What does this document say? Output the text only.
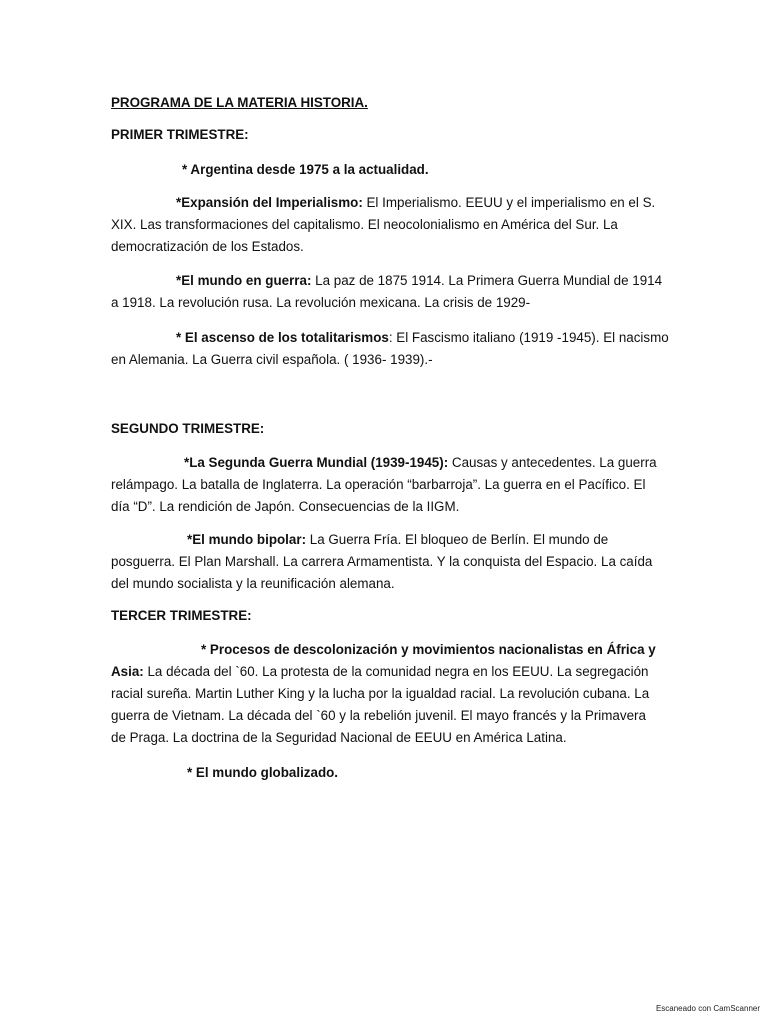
PROGRAMA DE LA MATERIA HISTORIA.
PRIMER TRIMESTRE:
* Argentina desde 1975 a la actualidad.
*Expansión del Imperialismo: El Imperialismo. EEUU y el imperialismo en el S.
XIX. Las transformaciones del capitalismo. El neocolonialismo en América del Sur. La
democratización de los Estados.
*El mundo en guerra: La paz de 1875 1914. La Primera Guerra Mundial de 1914
a 1918. La revolución rusa. La revolución mexicana. La crisis de 1929-
* El ascenso de los totalitarismos: El Fascismo italiano (1919 -1945). El nacismo
en Alemania. La Guerra civil española. ( 1936- 1939).-
SEGUNDO TRIMESTRE:
*La Segunda Guerra Mundial (1939-1945): Causas y antecedentes. La guerra
relámpago. La batalla de Inglaterra. La operación “barbarroja”. La guerra en el Pacífico. El
día “D”. La rendición de Japón. Consecuencias de la IIGM.
*El mundo bipolar: La Guerra Fría. El bloqueo de Berlín. El mundo de
posguerra. El Plan Marshall. La carrera Armamentista. Y la conquista del Espacio. La caída
del mundo socialista y la reunificación alemana.
TERCER TRIMESTRE:
* Procesos de descolonización y movimientos nacionalistas en África y
Asia: La década del `60. La protesta de la comunidad negra en los EEUU. La segregación
racial sureña. Martin Luther King y la lucha por la igualdad racial. La revolución cubana. La
guerra de Vietnam. La década del `60 y la rebelión juvenil. El mayo francés y la Primavera
de Praga. La doctrina de la Seguridad Nacional de EEUU en América Latina.
* El mundo globalizado.
Escaneado con CamScanner
